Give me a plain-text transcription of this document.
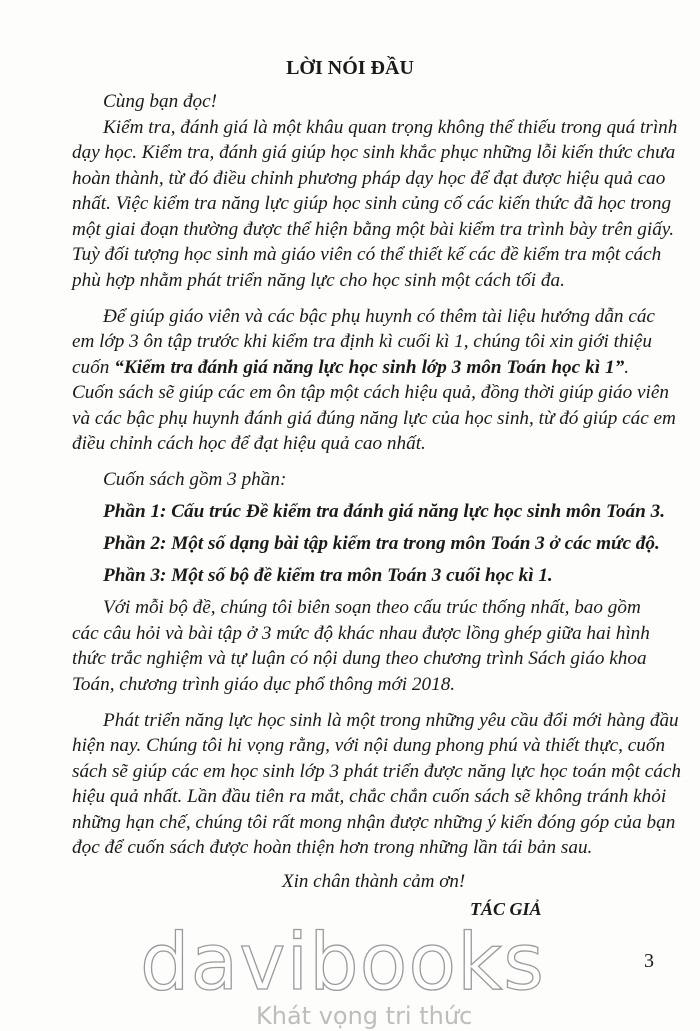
LỜI NÓI ĐẦU
Cùng bạn đọc!
Kiểm tra, đánh giá là một khâu quan trọng không thể thiếu trong quá trình
dạy học. Kiểm tra, đánh giá giúp học sinh khắc phục những lỗi kiến thức chưa
hoàn thành, từ đó điều chỉnh phương pháp dạy học để đạt được hiệu quả cao
nhất. Việc kiểm tra năng lực giúp học sinh củng cố các kiến thức đã học trong
một giai đoạn thường được thể hiện bằng một bài kiểm tra trình bày trên giấy.
Tuỳ đối tượng học sinh mà giáo viên có thể thiết kế các đề kiểm tra một cách
phù hợp nhằm phát triển năng lực cho học sinh một cách tối đa.
Để giúp giáo viên và các bậc phụ huynh có thêm tài liệu hướng dẫn các
em lớp 3 ôn tập trước khi kiểm tra định kì cuối kì 1, chúng tôi xin giới thiệu
cuốn “Kiểm tra đánh giá năng lực học sinh lớp 3 môn Toán học kì 1”.
Cuốn sách sẽ giúp các em ôn tập một cách hiệu quả, đồng thời giúp giáo viên
và các bậc phụ huynh đánh giá đúng năng lực của học sinh, từ đó giúp các em
điều chỉnh cách học để đạt hiệu quả cao nhất.
Cuốn sách gồm 3 phần:
Phần 1: Cấu trúc Đề kiểm tra đánh giá năng lực học sinh môn Toán 3.
Phần 2: Một số dạng bài tập kiểm tra trong môn Toán 3 ở các mức độ.
Phần 3: Một số bộ đề kiểm tra môn Toán 3 cuối học kì 1.
Với mỗi bộ đề, chúng tôi biên soạn theo cấu trúc thống nhất, bao gồm
các câu hỏi và bài tập ở 3 mức độ khác nhau được lồng ghép giữa hai hình
thức trắc nghiệm và tự luận có nội dung theo chương trình Sách giáo khoa
Toán, chương trình giáo dục phổ thông mới 2018.
Phát triển năng lực học sinh là một trong những yêu cầu đổi mới hàng đầu
hiện nay. Chúng tôi hi vọng rằng, với nội dung phong phú và thiết thực, cuốn
sách sẽ giúp các em học sinh lớp 3 phát triển được năng lực học toán một cách
hiệu quả nhất. Lần đầu tiên ra mắt, chắc chắn cuốn sách sẽ không tránh khỏi
những hạn chế, chúng tôi rất mong nhận được những ý kiến đóng góp của bạn
đọc để cuốn sách được hoàn thiện hơn trong những lần tái bản sau.
Xin chân thành cảm ơn!
TÁC GIẢ
davibooks
Khát vọng tri thức
3
